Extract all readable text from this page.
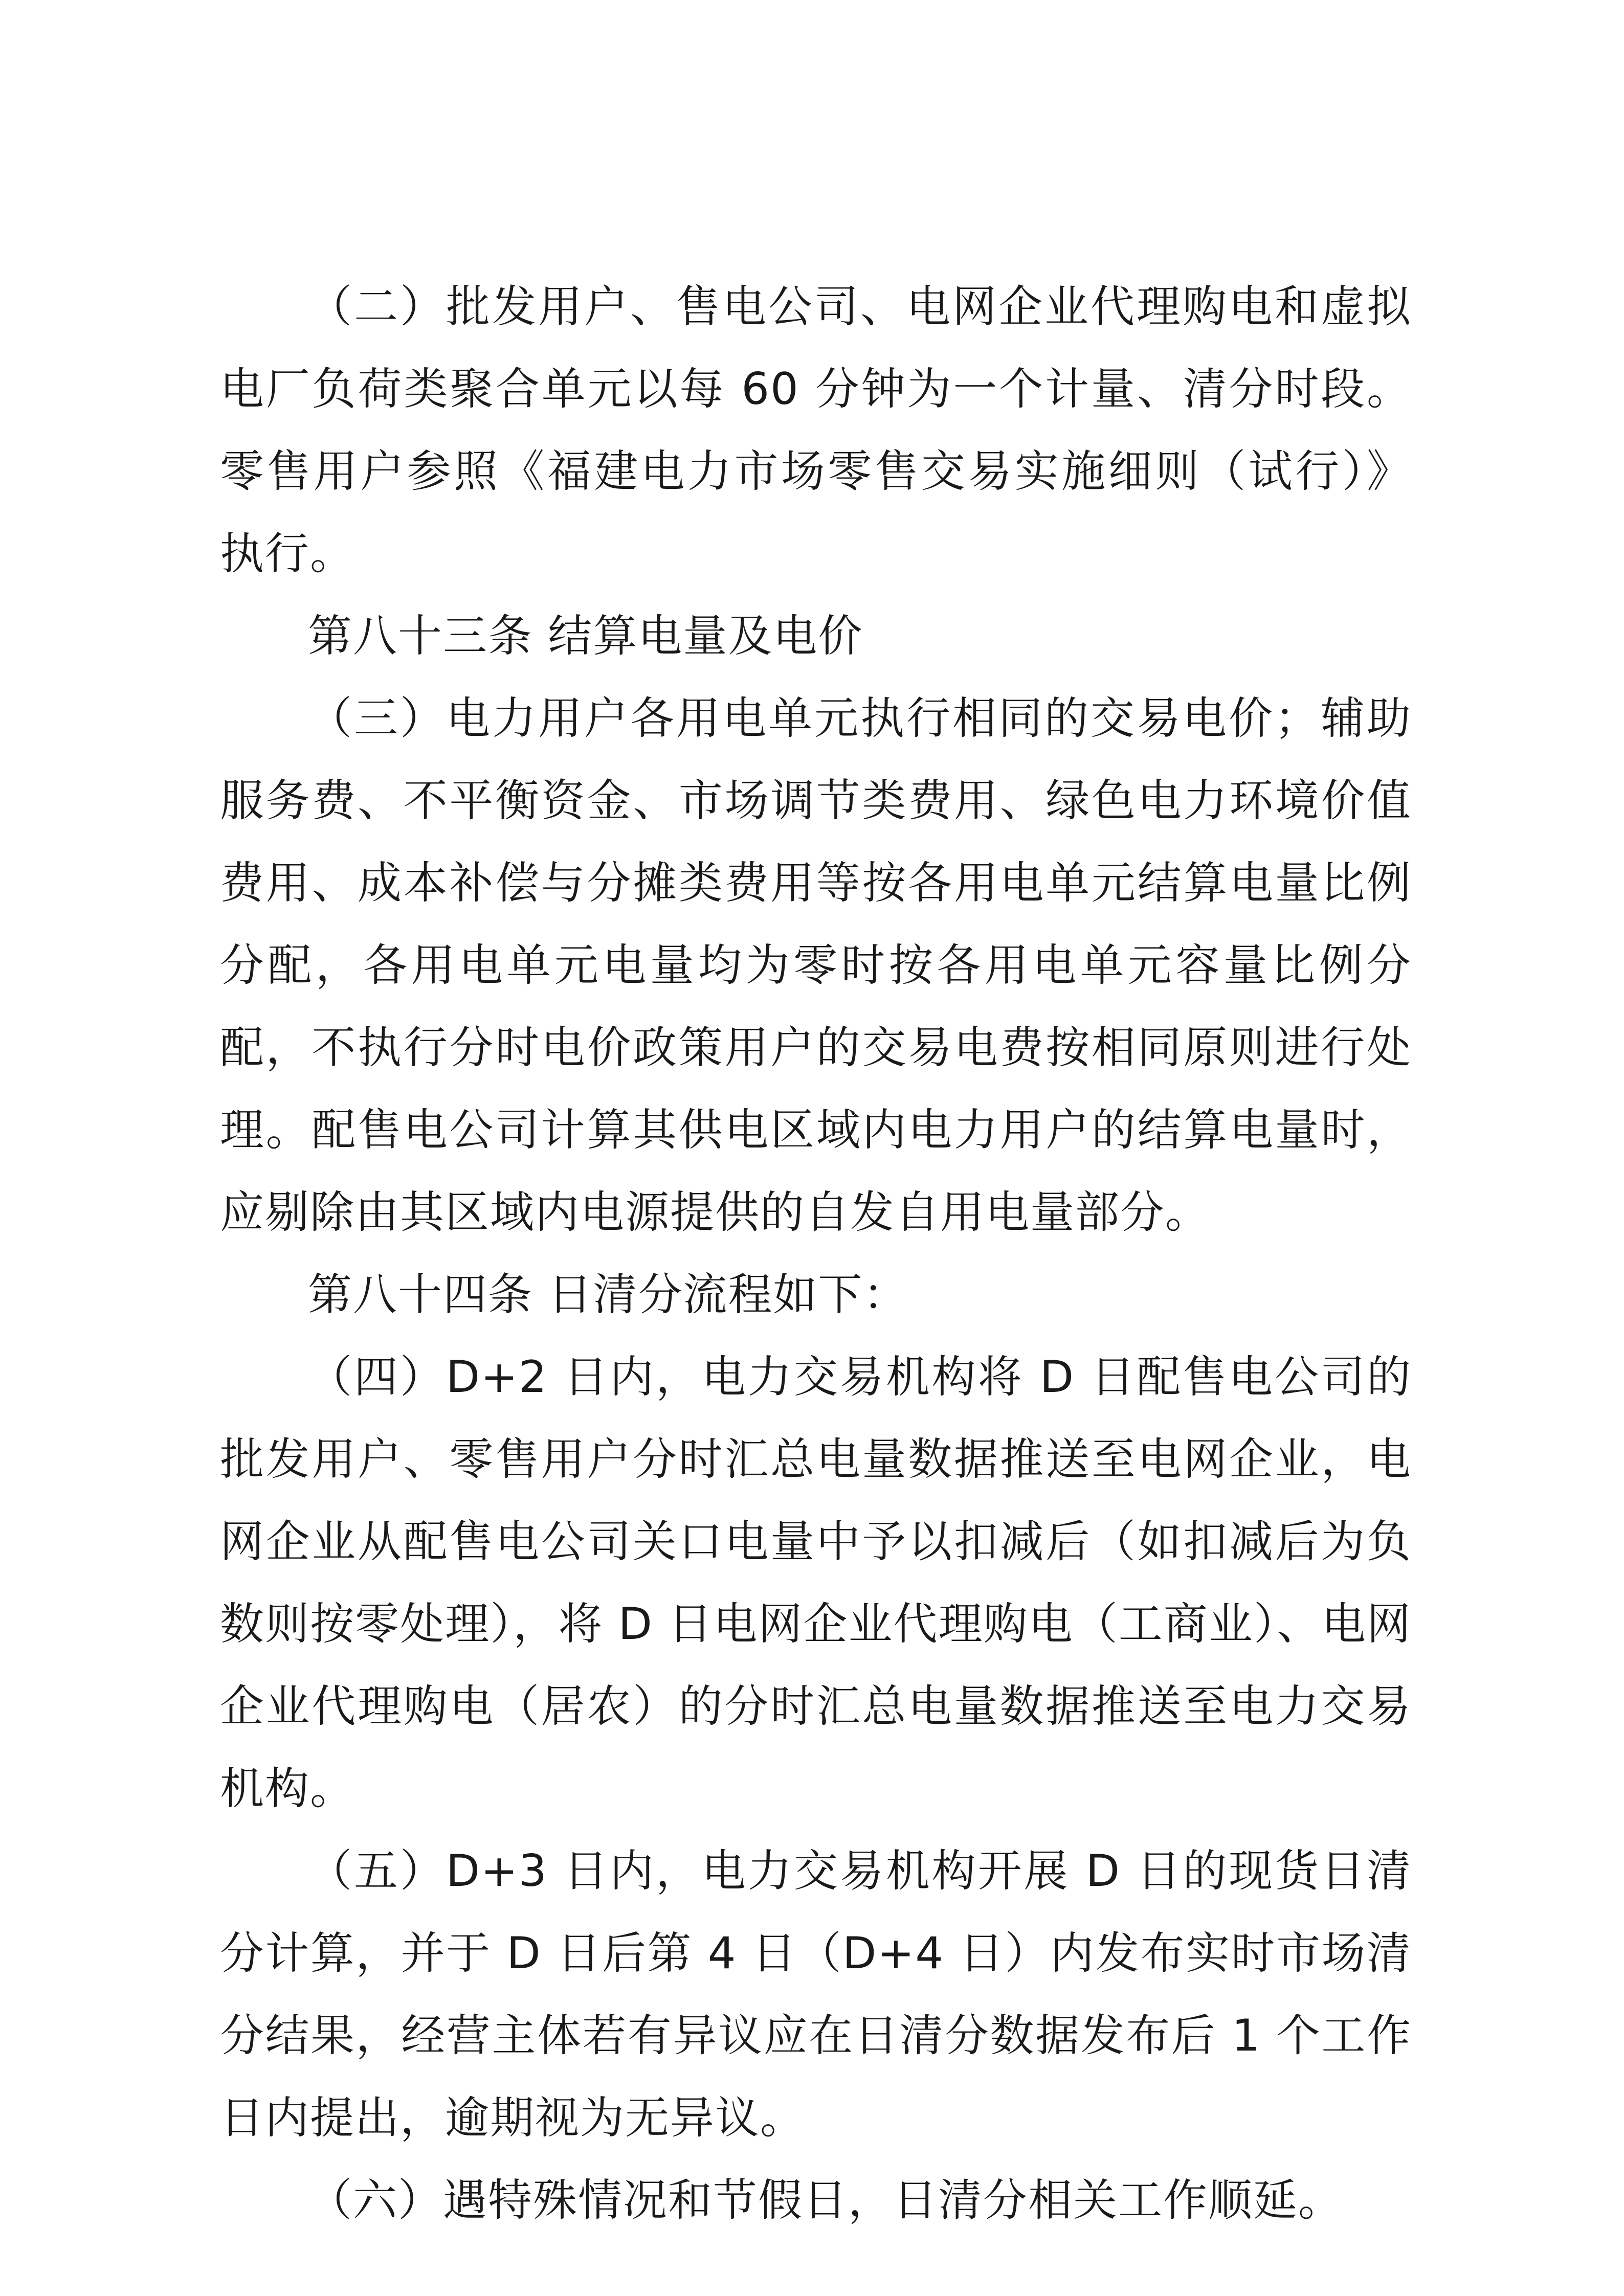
（二）批发用户、售电公司、电网企业代理购电和虚拟电厂负荷类聚合单元以每 60 分钟为一个计量、清分时段。零售用户参照《福建电力市场零售交易实施细则（试行）》执行。

第八十三条 结算电量及电价

（三）电力用户各用电单元执行相同的交易电价；辅助服务费、不平衡资金、市场调节类费用、绿色电力环境价值费用、成本补偿与分摊类费用等按各用电单元结算电量比例分配，各用电单元电量均为零时按各用电单元容量比例分配，不执行分时电价政策用户的交易电费按相同原则进行处理。配售电公司计算其供电区域内电力用户的结算电量时，应剔除由其区域内电源提供的自发自用电量部分。

第八十四条 日清分流程如下：

（四）D+2 日内，电力交易机构将 D 日配售电公司的批发用户、零售用户分时汇总电量数据推送至电网企业，电网企业从配售电公司关口电量中予以扣减后（如扣减后为负数则按零处理），将 D 日电网企业代理购电（工商业）、电网企业代理购电（居农）的分时汇总电量数据推送至电力交易机构。

（五）D+3 日内，电力交易机构开展 D 日的现货日清分计算，并于 D 日后第 4 日（D+4 日）内发布实时市场清分结果，经营主体若有异议应在日清分数据发布后 1 个工作日内提出，逾期视为无异议。

（六）遇特殊情况和节假日，日清分相关工作顺延。
